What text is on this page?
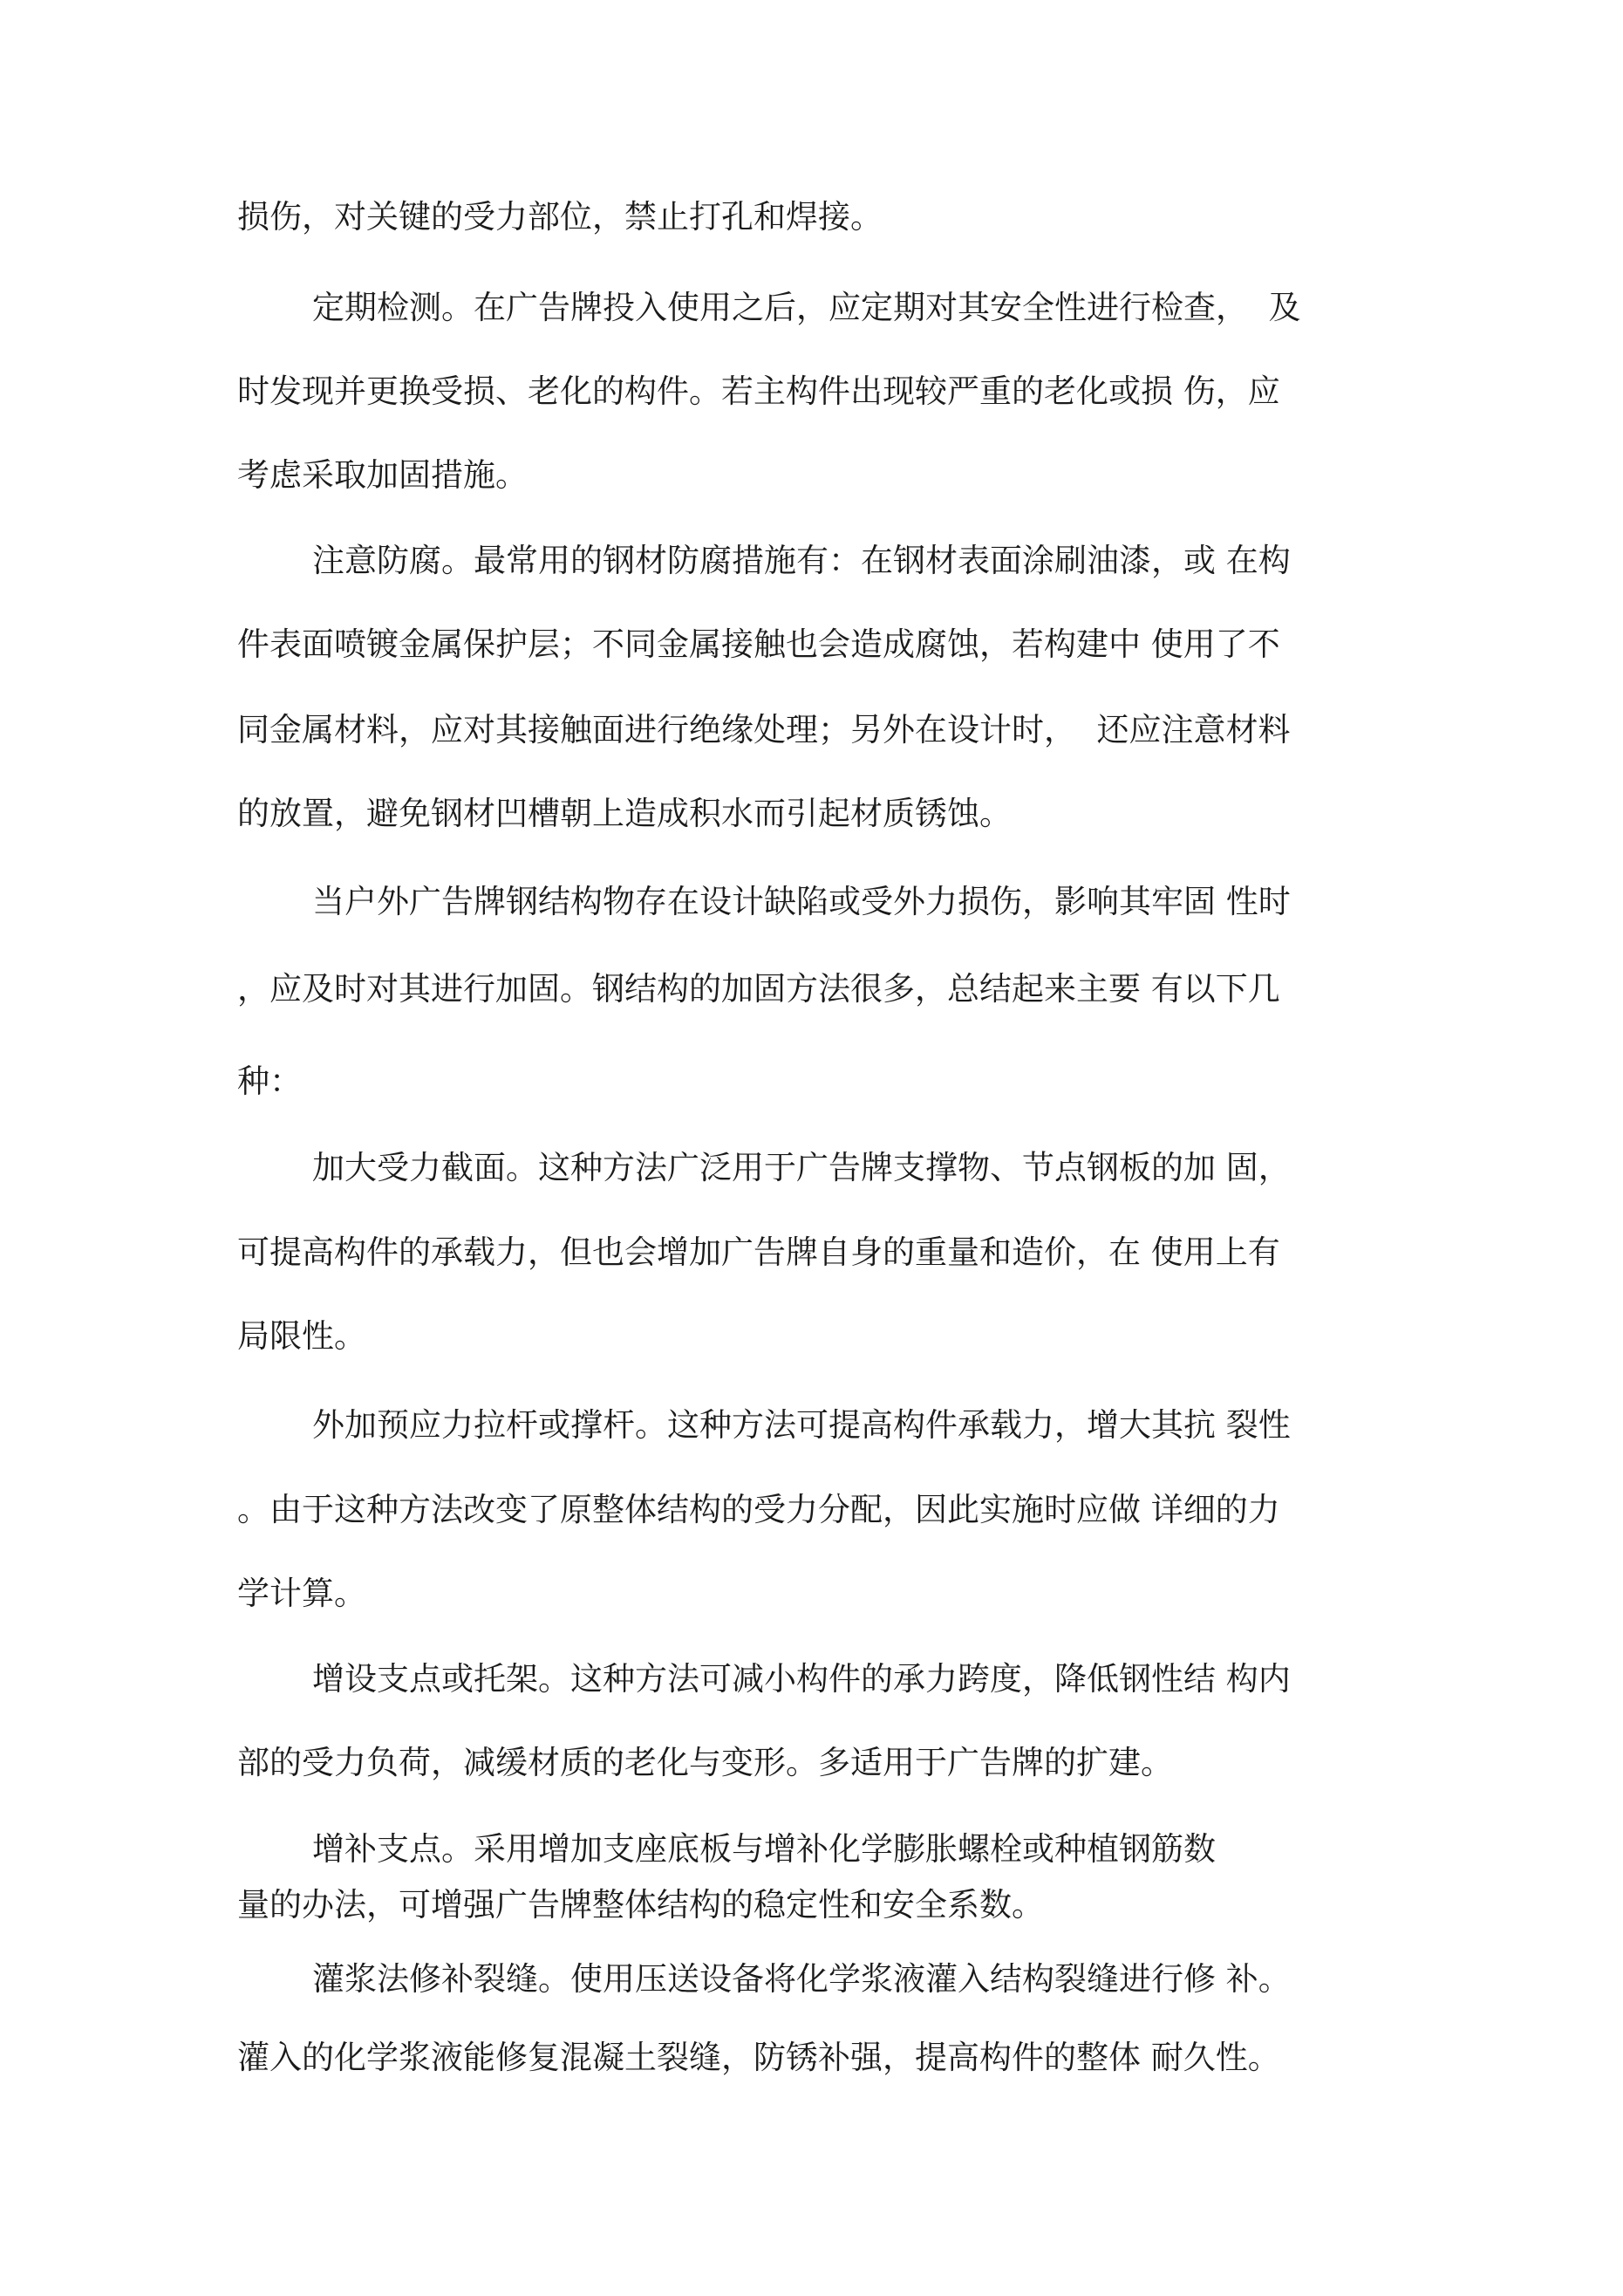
损伤，对关键的受力部位，禁止打孔和焊接。
定期检测。在广告牌投入使用之后，应定期对其安全性进行检查，  及
时发现并更换受损、老化的构件。若主构件出现较严重的老化或损 伤，应
考虑采取加固措施。
注意防腐。最常用的钢材防腐措施有：在钢材表面涂刷油漆，或 在构
件表面喷镀金属保护层；不同金属接触也会造成腐蚀，若构建中 使用了不
同金属材料，应对其接触面进行绝缘处理；另外在设计时，  还应注意材料
的放置，避免钢材凹槽朝上造成积水而引起材质锈蚀。
当户外广告牌钢结构物存在设计缺陷或受外力损伤，影响其牢固 性时
，应及时对其进行加固。钢结构的加固方法很多，总结起来主要 有以下几
种：
加大受力截面。这种方法广泛用于广告牌支撑物、节点钢板的加 固，
可提高构件的承载力，但也会增加广告牌自身的重量和造价，在 使用上有
局限性。
外加预应力拉杆或撑杆。这种方法可提高构件承载力，增大其抗 裂性
。由于这种方法改变了原整体结构的受力分配，因此实施时应做 详细的力
学计算。
增设支点或托架。这种方法可减小构件的承力跨度，降低钢性结 构内
部的受力负荷，减缓材质的老化与变形。多适用于广告牌的扩建。
增补支点。采用增加支座底板与增补化学膨胀螺栓或种植钢筋数
量的办法，可增强广告牌整体结构的稳定性和安全系数。
灌浆法修补裂缝。使用压送设备将化学浆液灌入结构裂缝进行修 补。
灌入的化学浆液能修复混凝土裂缝，防锈补强，提高构件的整体 耐久性。
